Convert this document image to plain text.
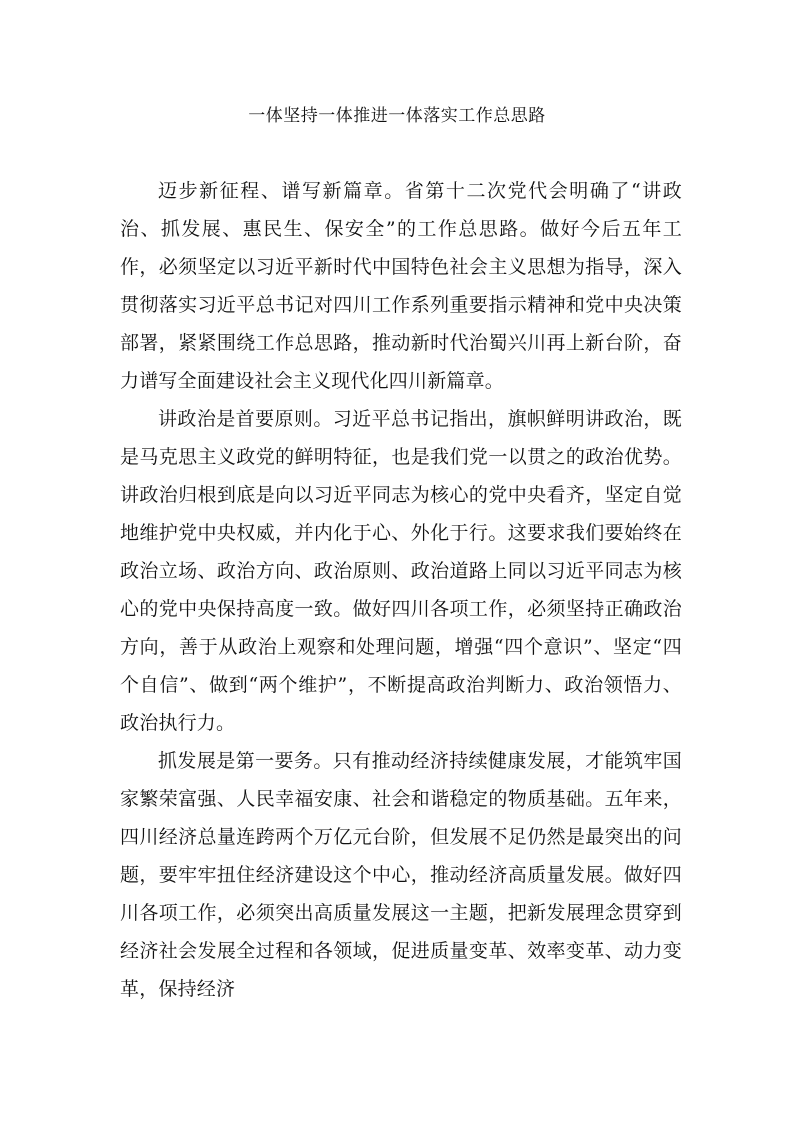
一体坚持一体推进一体落实工作总思路

迈步新征程、谱写新篇章。省第十二次党代会明确了“讲政治、抓发展、惠民生、保安全”的工作总思路。做好今后五年工作，必须坚定以习近平新时代中国特色社会主义思想为指导，深入贯彻落实习近平总书记对四川工作系列重要指示精神和党中央决策部署，紧紧围绕工作总思路，推动新时代治蜀兴川再上新台阶，奋力谱写全面建设社会主义现代化四川新篇章。

讲政治是首要原则。习近平总书记指出，旗帜鲜明讲政治，既是马克思主义政党的鲜明特征，也是我们党一以贯之的政治优势。讲政治归根到底是向以习近平同志为核心的党中央看齐，坚定自觉地维护党中央权威，并内化于心、外化于行。这要求我们要始终在政治立场、政治方向、政治原则、政治道路上同以习近平同志为核心的党中央保持高度一致。做好四川各项工作，必须坚持正确政治方向，善于从政治上观察和处理问题，增强“四个意识”、坚定“四个自信”、做到“两个维护”，不断提高政治判断力、政治领悟力、政治执行力。

抓发展是第一要务。只有推动经济持续健康发展，才能筑牢国家繁荣富强、人民幸福安康、社会和谐稳定的物质基础。五年来，四川经济总量连跨两个万亿元台阶，但发展不足仍然是最突出的问题，要牢牢扭住经济建设这个中心，推动经济高质量发展。做好四川各项工作，必须突出高质量发展这一主题，把新发展理念贯穿到经济社会发展全过程和各领域，促进质量变革、效率变革、动力变革，保持经济
